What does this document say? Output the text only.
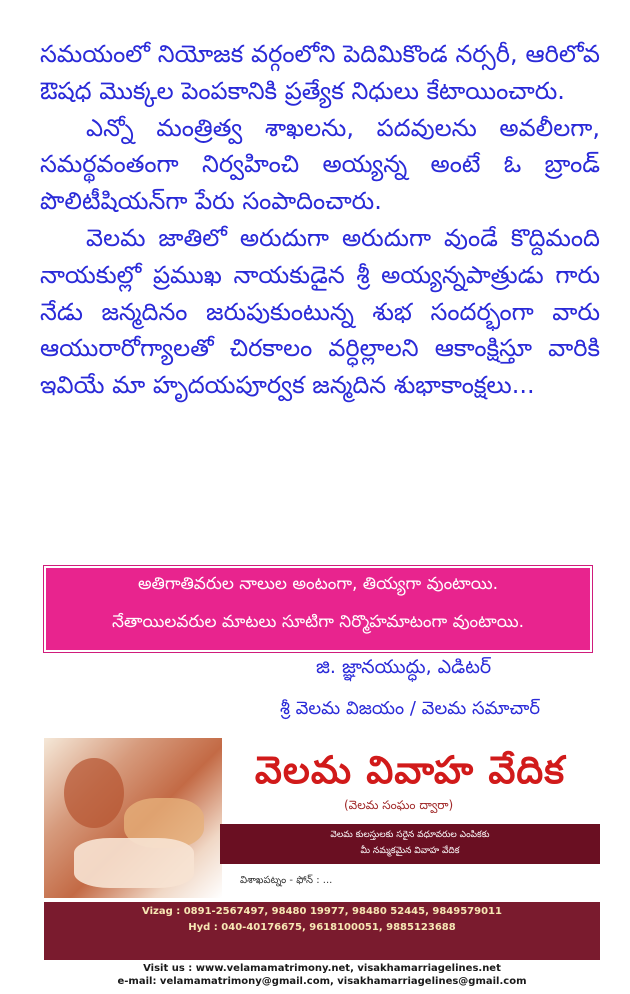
సమయంలో నియోజక వర్గంలోని పెదిమికొండ నర్సరీ, ఆరిలోవ ఔషధ మొక్కల పెంపకానికి ప్రత్యేక నిధులు కేటాయించారు.

ఎన్నో మంత్రిత్వ శాఖలను, పదవులను అవలీలగా, సమర్థవంతంగా నిర్వహించి అయ్యన్న అంటే ఓ బ్రాండ్ పొలిటీషియన్‌గా పేరు సంపాదించారు.

వెలమ జాతిలో అరుదుగా అరుదుగా వుండే కొద్దిమంది నాయకుల్లో ప్రముఖ నాయకుడైన శ్రీ అయ్యన్నపాత్రుడు గారు నేడు జన్మదినం జరుపుకుంటున్న శుభ సందర్భంగా వారు ఆయురారోగ్యాలతో చిరకాలం వర్ధిల్లాలని ఆకాంక్షిస్తూ వారికి ఇవియే మా హృదయపూర్వక జన్మదిన శుభాకాంక్షలు...

అతిగాతివరుల నాలుల అంటంగా, తియ్యగా వుంటాయి.
నేతాయిలవరుల మాటలు సూటిగా నిర్మొహమాటంగా వుంటాయి.
జి. జ్ఞానయుద్ధు, ఎడిటర్
శ్రీ వెలమ విజయం / వెలమ సమాచార్
వెలమ వివాహ వేదిక
(వెలమ సంఘం ద్వారా)
వెలమ కులస్తులకు సరైన వధూవరుల ఎంపికకు
మీ నమ్మకమైన వివాహ వేదిక
విశాఖపట్నం - ఫోన్ : ...
Vizag : 0891-2567497, 98480 19977, 98480 52445, 9849579011
Hyd : 040-40176675, 9618100051, 9885123688
Visit us : www.velamamatrimony.net, visakhamarriagelines.net
e-mail: velamamatrimony@gmail.com, visakhamarriagelines@gmail.com
